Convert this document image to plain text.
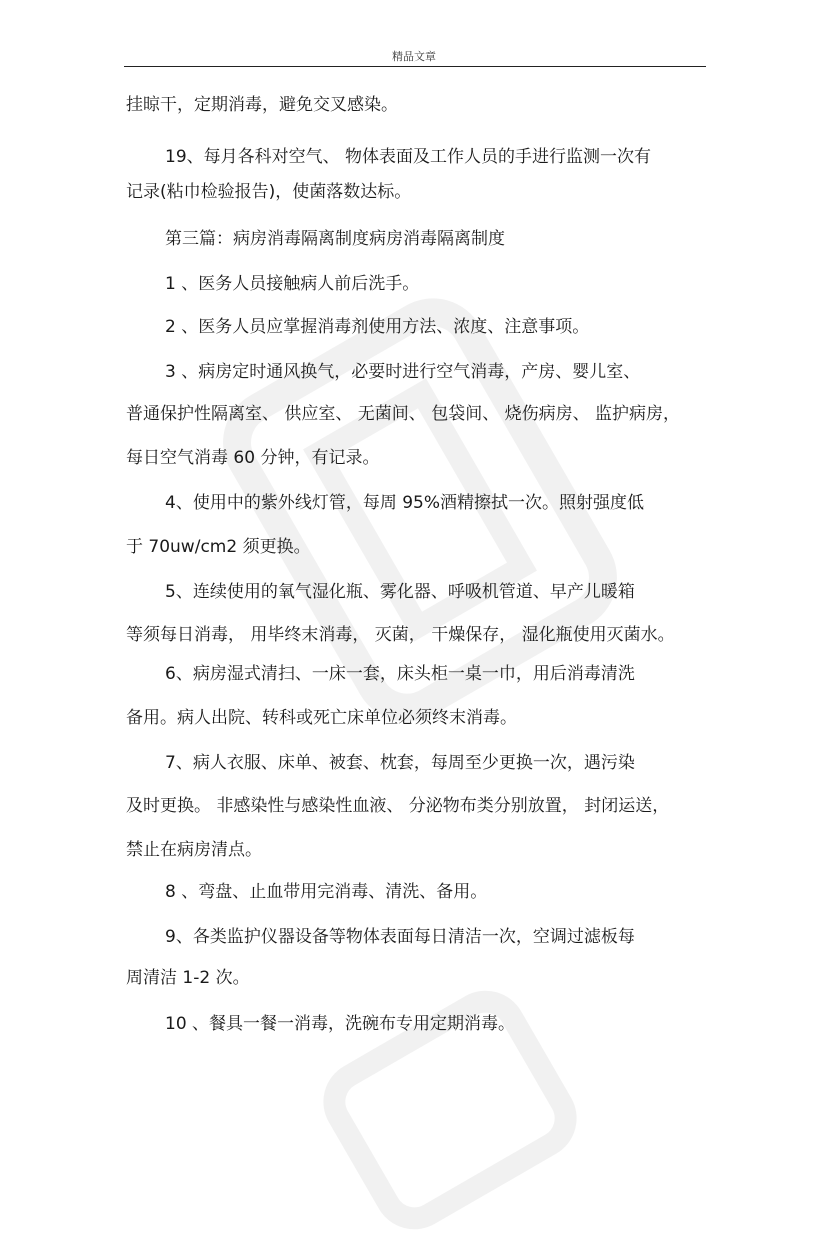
精品文章
挂晾干，定期消毒，避免交叉感染。
19、每月各科对空气、 物体表面及工作人员的手进行监测一次有
记录(粘巾检验报告)，使菌落数达标。
第三篇：病房消毒隔离制度病房消毒隔离制度
1 、医务人员接触病人前后洗手。
2 、医务人员应掌握消毒剂使用方法、浓度、注意事项。
3 、病房定时通风换气，必要时进行空气消毒，产房、婴儿室、
普通保护性隔离室、 供应室、 无菌间、 包袋间、 烧伤病房、 监护病房，
每日空气消毒 60 分钟，有记录。
4、使用中的紫外线灯管，每周 95%酒精擦拭一次。照射强度低
于 70uw/cm2 须更换。
5、连续使用的氧气湿化瓶、雾化器、呼吸机管道、早产儿暖箱
等须每日消毒， 用毕终末消毒， 灭菌， 干燥保存， 湿化瓶使用灭菌水。
6、病房湿式清扫、一床一套，床头柜一桌一巾，用后消毒清洗
备用。病人出院、转科或死亡床单位必须终末消毒。
7、病人衣服、床单、被套、枕套，每周至少更换一次，遇污染
及时更换。 非感染性与感染性血液、 分泌物布类分别放置， 封闭运送，
禁止在病房清点。
8 、弯盘、止血带用完消毒、清洗、备用。
9、各类监护仪器设备等物体表面每日清洁一次，空调过滤板每
周清洁 1-2 次。
10 、餐具一餐一消毒，洗碗布专用定期消毒。
